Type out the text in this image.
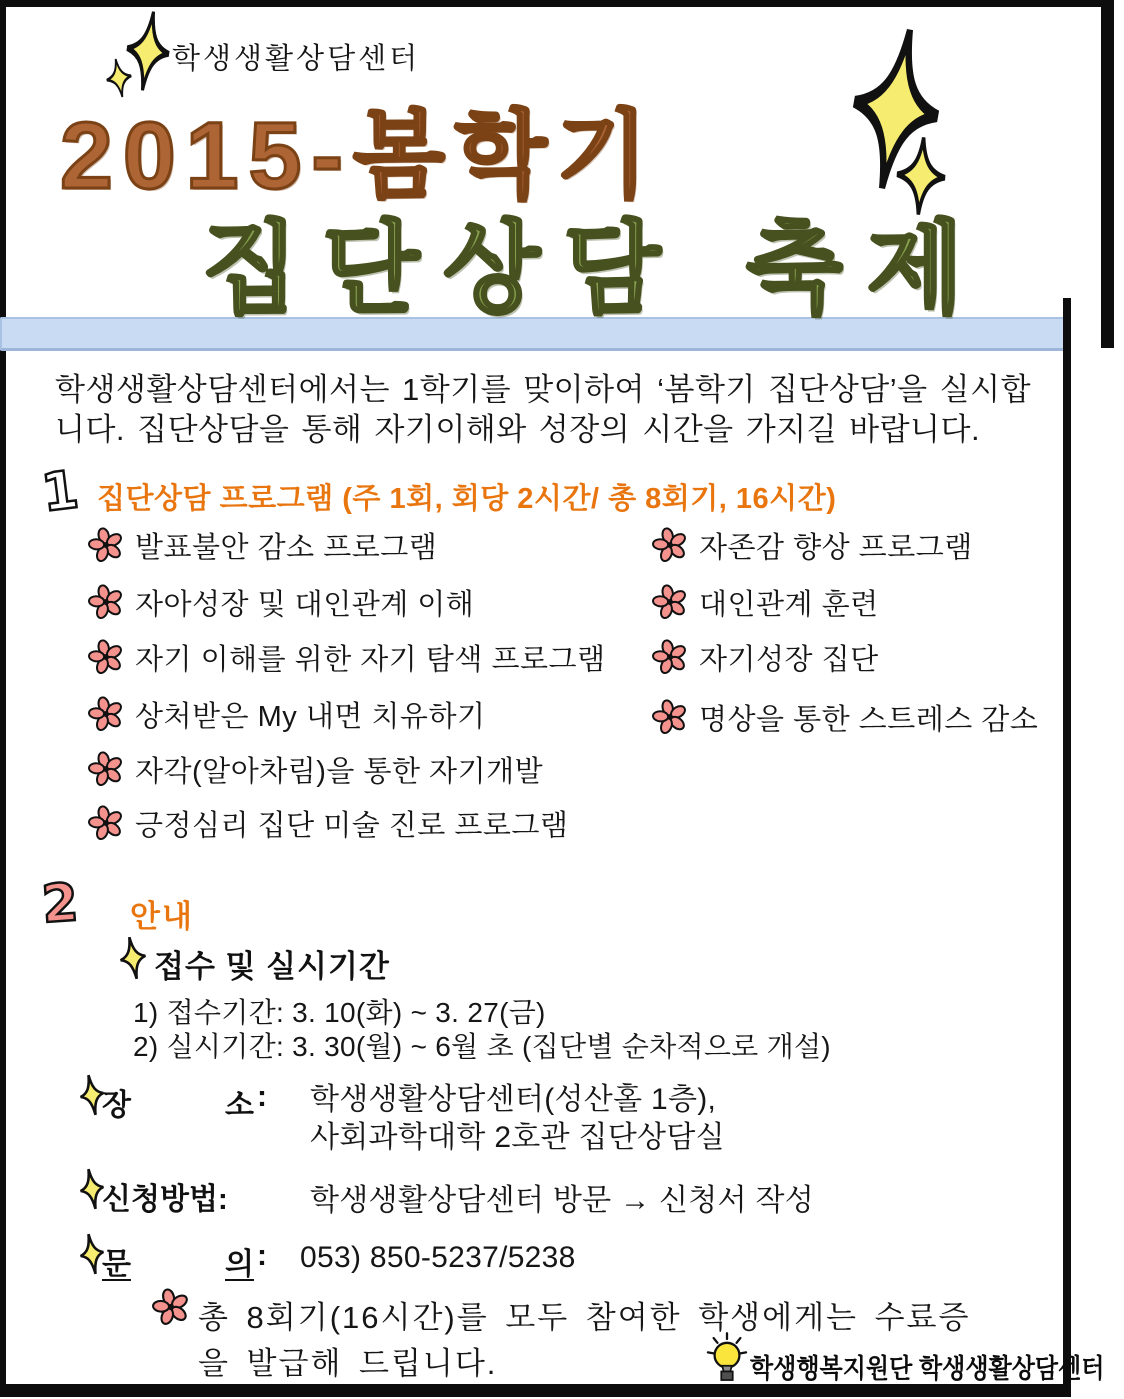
학생생활상담센터
2015-봄학기
집단상담 축제
학생생활상담센터에서는 1학기를 맞이하여 ‘봄학기 집단상담’을 실시합
니다. 집단상담을 통해 자기이해와 성장의 시간을 가지길 바랍니다.
1 집단상담 프로그램 (주 1회, 회당 2시간/ 총 8회기, 16시간)
발표불안 감소 프로그램
자아성장 및 대인관계 이해
자기 이해를 위한 자기 탐색 프로그램
상처받은 My 내면 치유하기
자각(알아차림)을 통한 자기개발
긍정심리 집단 미술 진로 프로그램
자존감 향상 프로그램
대인관계 훈련
자기성장 집단
명상을 통한 스트레스 감소
2 안내
접수 및 실시기간
1) 접수기간: 3. 10(화) ~ 3. 27(금)
2) 실시기간: 3. 30(월) ~ 6월 초 (집단별 순차적으로 개설)
장	소 : 학생생활상담센터(성산홀 1층),
사회과학대학 2호관 집단상담실
신청방법:	학생생활상담센터 방문 → 신청서 작성
문	의 : 053) 850-5237/5238
총 8회기(16시간)를 모두 참여한 학생에게는 수료증
을 발급해 드립니다.	학생행복지원단 학생생활상담센터
